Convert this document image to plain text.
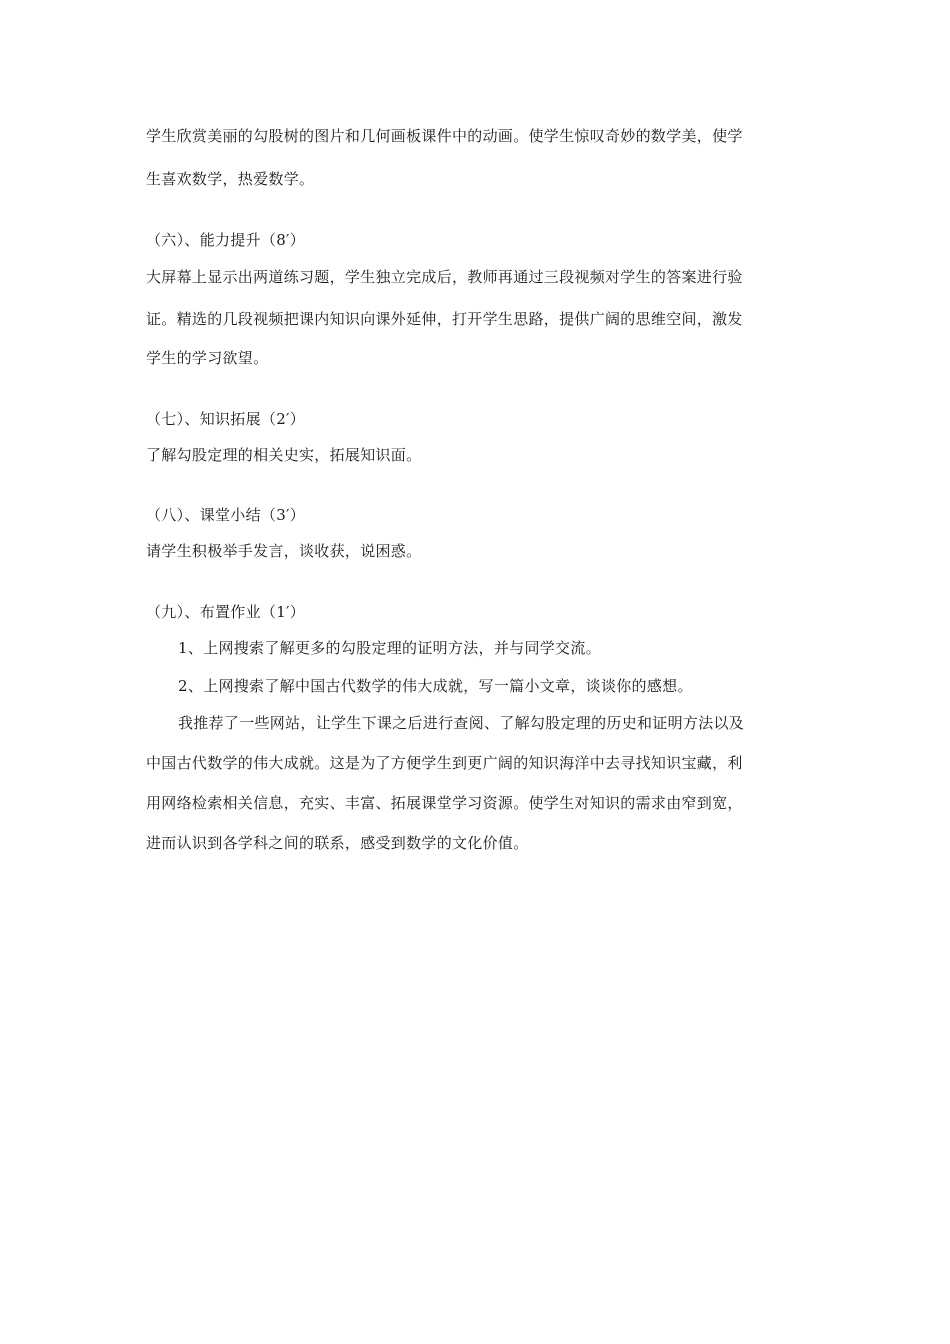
学生欣赏美丽的勾股树的图片和几何画板课件中的动画。使学生惊叹奇妙的数学美，使学
生喜欢数学，热爱数学。
（六）、能力提升（8′）
大屏幕上显示出两道练习题，学生独立完成后，教师再通过三段视频对学生的答案进行验
证。精选的几段视频把课内知识向课外延伸，打开学生思路，提供广阔的思维空间，激发
学生的学习欲望。
（七）、知识拓展（2′）
了解勾股定理的相关史实，拓展知识面。
（八）、课堂小结（3′）
请学生积极举手发言，谈收获，说困惑。
（九）、布置作业（1′）
1、上网搜索了解更多的勾股定理的证明方法，并与同学交流。
2、上网搜索了解中国古代数学的伟大成就，写一篇小文章，谈谈你的感想。
我推荐了一些网站，让学生下课之后进行查阅、了解勾股定理的历史和证明方法以及
中国古代数学的伟大成就。这是为了方便学生到更广阔的知识海洋中去寻找知识宝藏，利
用网络检索相关信息，充实、丰富、拓展课堂学习资源。使学生对知识的需求由窄到宽，
进而认识到各学科之间的联系，感受到数学的文化价值。
